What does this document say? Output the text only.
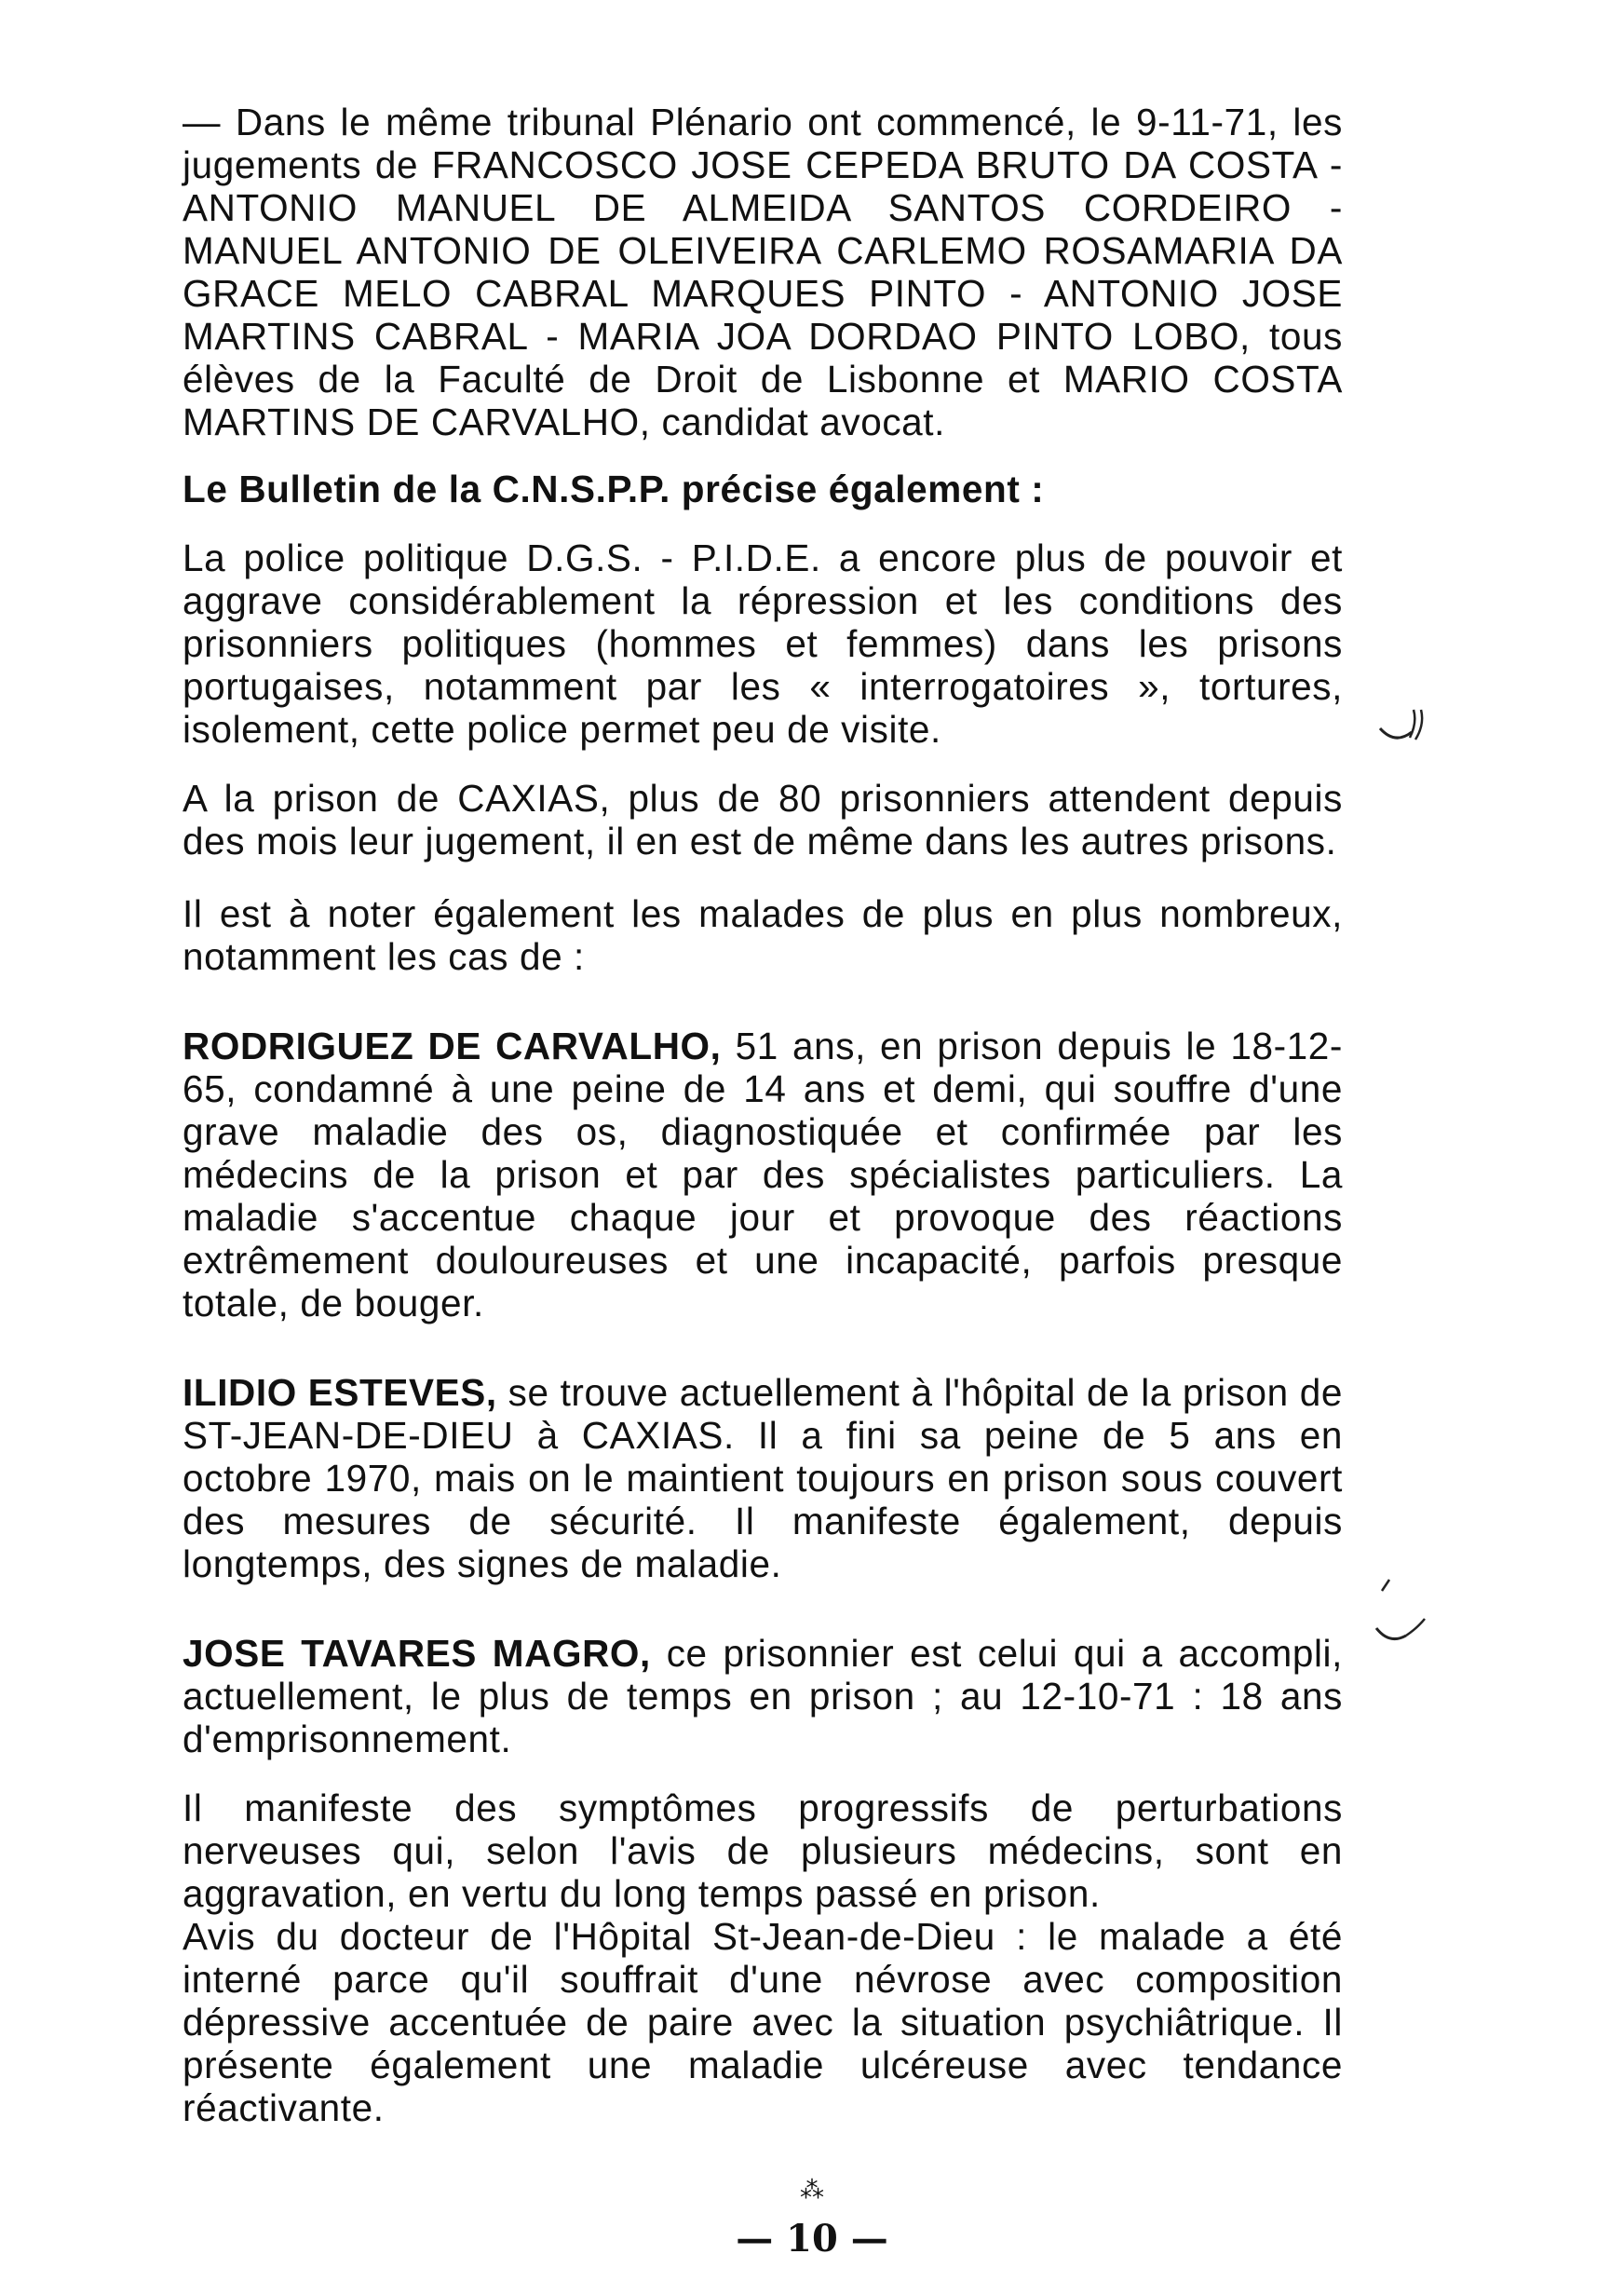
— Dans le même tribunal Plénario ont commencé, le 9-11-71, les jugements de FRANCOSCO JOSE CEPEDA BRUTO DA COSTA - ANTONIO MANUEL DE ALMEIDA SANTOS CORDEIRO - MANUEL ANTONIO DE OLEIVEIRA CARLEMO ROSAMARIA DA GRACE MELO CABRAL MARQUES PINTO - ANTONIO JOSE MARTINS CABRAL - MARIA JOA DORDAO PINTO LOBO, tous élèves de la Faculté de Droit de Lisbonne et MARIO COSTA MARTINS DE CARVALHO, candidat avocat.

Le Bulletin de la C.N.S.P.P. précise également :

La police politique D.G.S. - P.I.D.E. a encore plus de pouvoir et aggrave considérablement la répression et les conditions des prisonniers politiques (hommes et femmes) dans les prisons portugaises, notamment par les « interrogatoires », tortures, isolement, cette police permet peu de visite.

A la prison de CAXIAS, plus de 80 prisonniers attendent depuis des mois leur jugement, il en est de même dans les autres prisons.

Il est à noter également les malades de plus en plus nombreux, notamment les cas de :

RODRIGUEZ DE CARVALHO, 51 ans, en prison depuis le 18-12-65, condamné à une peine de 14 ans et demi, qui souffre d'une grave maladie des os, diagnostiquée et confirmée par les médecins de la prison et par des spécialistes particuliers. La maladie s'accentue chaque jour et provoque des réactions extrêmement douloureuses et une incapacité, parfois presque totale, de bouger.

ILIDIO ESTEVES, se trouve actuellement à l'hôpital de la prison de ST-JEAN-DE-DIEU à CAXIAS. Il a fini sa peine de 5 ans en octobre 1970, mais on le maintient toujours en prison sous couvert des mesures de sécurité. Il manifeste également, depuis longtemps, des signes de maladie.

JOSE TAVARES MAGRO, ce prisonnier est celui qui a accompli, actuellement, le plus de temps en prison ; au 12-10-71 : 18 ans d'emprisonnement.

Il manifeste des symptômes progressifs de perturbations nerveuses qui, selon l'avis de plusieurs médecins, sont en aggravation, en vertu du long temps passé en prison.

Avis du docteur de l'Hôpital St-Jean-de-Dieu : le malade a été interné parce qu'il souffrait d'une névrose avec composition dépressive accentuée de paire avec la situation psychiâtrique. Il présente également une maladie ulcéreuse avec tendance réactivante.

⁂
— 10 —
